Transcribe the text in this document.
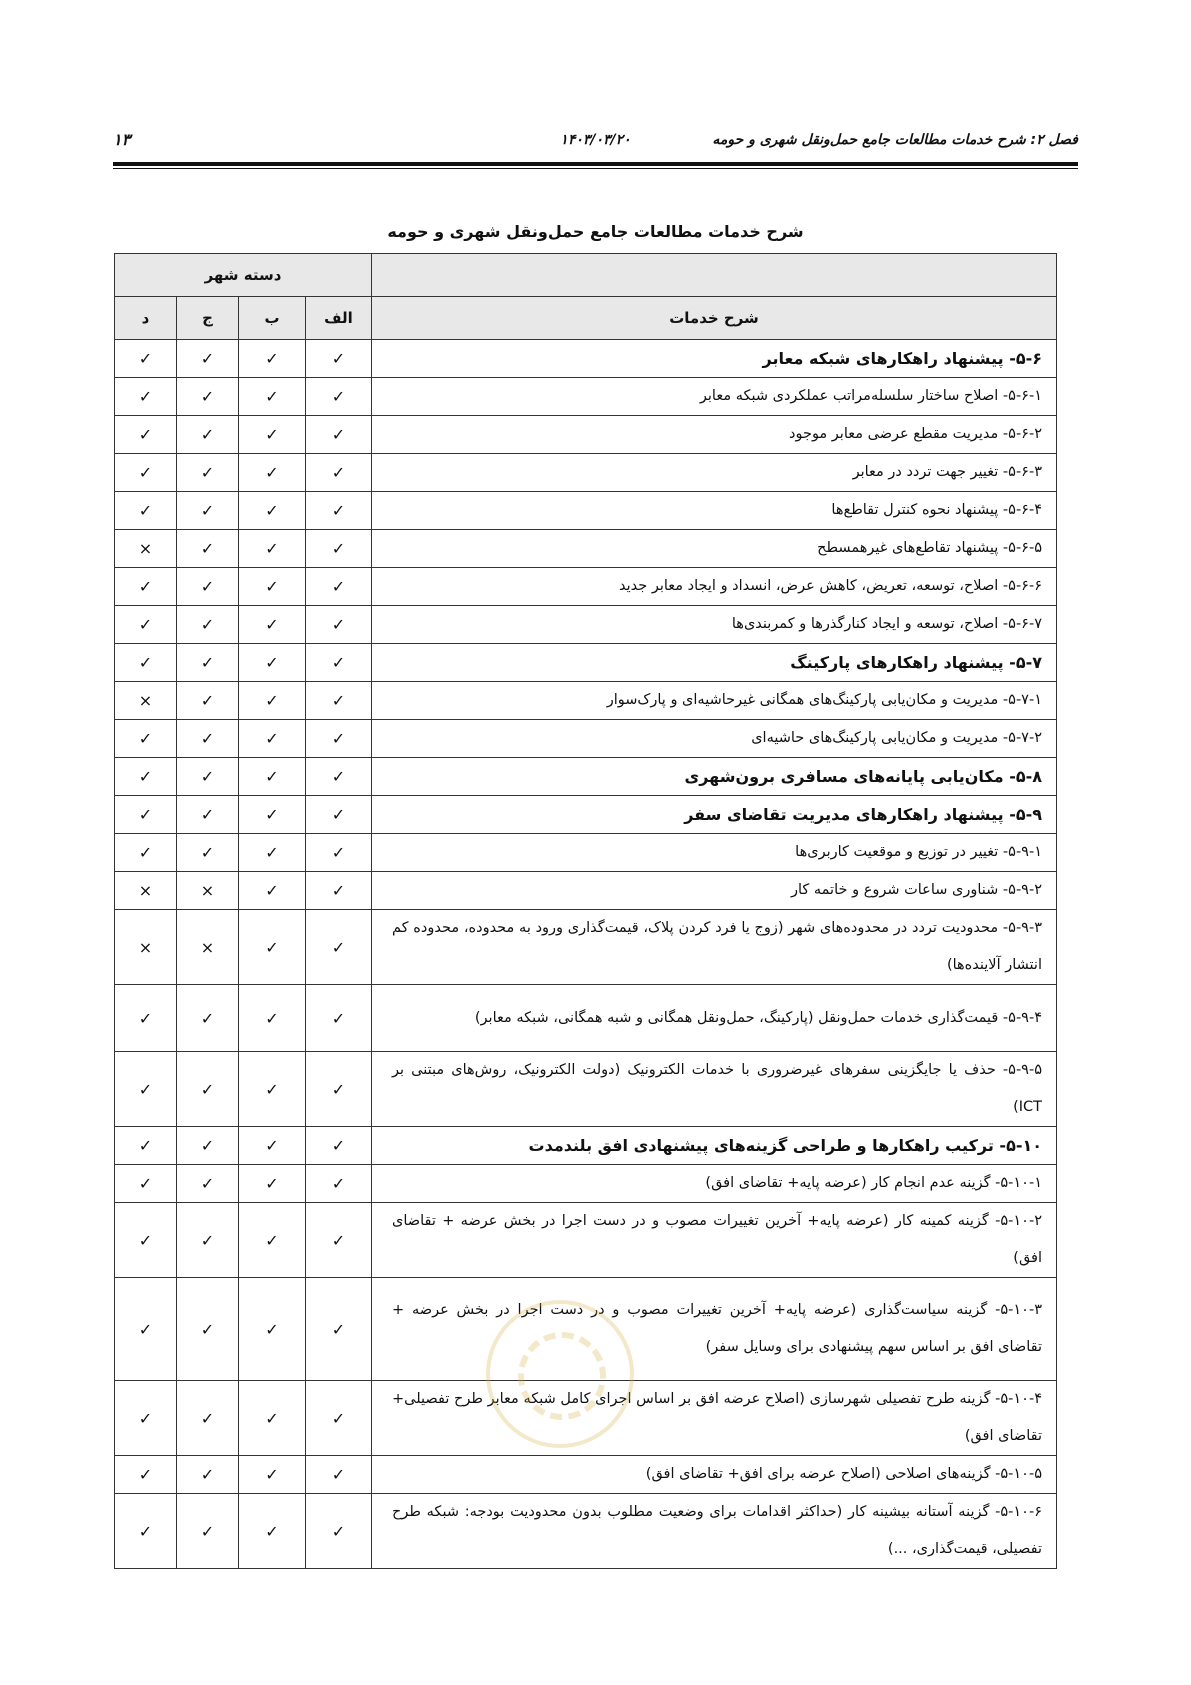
فصل ۲: شرح خدمات مطالعات جامع حمل‌ونقل شهری و حومه
۱۴۰۳/۰۳/۲۰
۱۳
شرح خدمات مطالعات جامع حمل‌ونقل شهری و حومه
	دسته شهر			
شرح خدمات	الف	ب	ج	د
۵-۶- پیشنهاد راهکارهای شبکه معابر	✓	✓	✓	✓
۵-۶-۱- اصلاح ساختار سلسله‌مراتب عملکردی شبکه معابر	✓	✓	✓	✓
۵-۶-۲- مدیریت مقطع عرضی معابر موجود	✓	✓	✓	✓
۵-۶-۳- تغییر جهت تردد در معابر	✓	✓	✓	✓
۵-۶-۴- پیشنهاد نحوه کنترل تقاطع‌ها	✓	✓	✓	✓
۵-۶-۵- پیشنهاد تقاطع‌های غیرهمسطح	✓	✓	✓	×
۵-۶-۶- اصلاح، توسعه، تعریض، کاهش عرض، انسداد و ایجاد معابر جدید	✓	✓	✓	✓
۵-۶-۷- اصلاح، توسعه و ایجاد کنارگذرها و کمربندی‌ها	✓	✓	✓	✓
۵-۷- پیشنهاد راهکارهای پارکینگ	✓	✓	✓	✓
۵-۷-۱- مدیریت و مکان‌یابی پارکینگ‌های همگانی غیرحاشیه‌ای و پارک‌سوار	✓	✓	✓	×
۵-۷-۲- مدیریت و مکان‌یابی پارکینگ‌های حاشیه‌ای	✓	✓	✓	✓
۵-۸- مکان‌یابی پایانه‌های مسافری برون‌شهری	✓	✓	✓	✓
۵-۹- پیشنهاد راهکارهای مدیریت تقاضای سفر	✓	✓	✓	✓
۵-۹-۱- تغییر در توزیع و موقعیت کاربری‌ها	✓	✓	✓	✓
۵-۹-۲- شناوری ساعات شروع و خاتمه کار	✓	✓	×	×
۵-۹-۳- محدودیت تردد در محدوده‌های شهر (زوج یا فرد کردن پلاک، قیمت‌گذاری ورود به محدوده، محدوده کم انتشار آلاینده‌ها)	✓	✓	×	×
۵-۹-۴- قیمت‌گذاری خدمات حمل‌ونقل (پارکینگ، حمل‌ونقل همگانی و شبه همگانی، شبکه معابر)	✓	✓	✓	✓
۵-۹-۵- حذف یا جایگزینی سفرهای غیرضروری با خدمات الکترونیک (دولت الکترونیک، روش‌های مبتنی بر ICT)	✓	✓	✓	✓
۵-۱۰- ترکیب راهکارها و طراحی گزینه‌های پیشنهادی افق بلندمدت	✓	✓	✓	✓
۵-۱۰-۱- گزینه عدم انجام کار (عرضه پایه+ تقاضای افق)	✓	✓	✓	✓
۵-۱۰-۲- گزینه کمینه کار (عرضه پایه+ آخرین تغییرات مصوب و در دست اجرا در بخش عرضه + تقاضای افق)	✓	✓	✓	✓
۵-۱۰-۳- گزینه سیاست‌گذاری (عرضه پایه+ آخرین تغییرات مصوب و در دست اجرا در بخش عرضه + تقاضای افق بر اساس سهم پیشنهادی برای وسایل سفر)	✓	✓	✓	✓
۵-۱۰-۴- گزینه طرح تفصیلی شهرسازی (اصلاح عرضه افق بر اساس اجرای کامل شبکه معابر طرح تفصیلی+ تقاضای افق)	✓	✓	✓	✓
۵-۱۰-۵- گزینه‌های اصلاحی (اصلاح عرضه برای افق+ تقاضای افق)	✓	✓	✓	✓
۵-۱۰-۶- گزینه آستانه بیشینه کار (حداکثر اقدامات برای وضعیت مطلوب بدون محدودیت بودجه: شبکه طرح تفصیلی، قیمت‌گذاری، ...)	✓	✓	✓	✓
